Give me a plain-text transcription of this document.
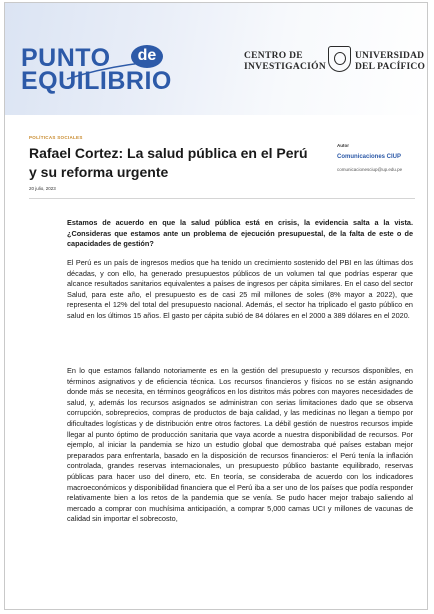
PUNTO	de
EQUILIBRIO
CENTRO DE
INVESTIGACIÓN
UNIVERSIDAD
DEL PACÍFICO
POLÍTICAS SOCIALES
Rafael Cortez: La salud pública en el Perú y su reforma urgente
20 julio, 2023
Autor
Comunicaciones CIUP
comunicacionesciup@up.edu.pe
Estamos de acuerdo en que la salud pública está en crisis, la evidencia salta a la vista. ¿Consideras que estamos ante un problema de ejecución presupuestal, de la falta de este o de capacidades de gestión?
El Perú es un país de ingresos medios que ha tenido un crecimiento sostenido del PBI en las últimas dos décadas, y con ello, ha generado presupuestos públicos de un volumen tal que podrías esperar que alcance resultados sanitarios equivalentes a países de ingresos per cápita similares. En el caso del sector Salud, para este año, el presupuesto es de casi 25 mil millones de soles (8% mayor a 2022), que representa el 12% del total del presupuesto nacional. Además, el sector ha triplicado el gasto público en salud en los últimos 15 años. El gasto per cápita subió de 84 dólares en el 2000 a 389 dólares en el 2020.
En lo que estamos fallando notoriamente es en la gestión del presupuesto y recursos disponibles, en términos asignativos y de eficiencia técnica. Los recursos financieros y físicos no se están asignando donde más se necesita, en términos geográficos en los distritos más pobres con mayores necesidades de salud, y, además los recursos asignados se administran con serias limitaciones dado que se observa corrupción, sobreprecios, compras de productos de baja calidad, y las medicinas no llegan a tiempo por dificultades logísticas y de distribución entre otros factores. La débil gestión de nuestros recursos impide llegar al punto óptimo de producción sanitaria que vaya acorde a nuestra disponibilidad de recursos. Por ejemplo, al iniciar la pandemia se hizo un estudio global que demostraba qué países estaban mejor preparados para enfrentarla, basado en la disposición de recursos financieros: el Perú tenía la inflación controlada, grandes reservas internacionales, un presupuesto público bastante equilibrado, reservas públicas para hacer uso del dinero, etc. En teoría, se consideraba de acuerdo con los indicadores macroeconómicos y disponibilidad financiera que el Perú iba a ser uno de los países que podía responder relativamente bien a los retos de la pandemia que se venía. Se pudo hacer mejor trabajo saliendo al mercado a comprar con muchísima anticipación, a comprar 5,000 camas UCI y millones de vacunas de calidad sin importar el sobrecosto,
